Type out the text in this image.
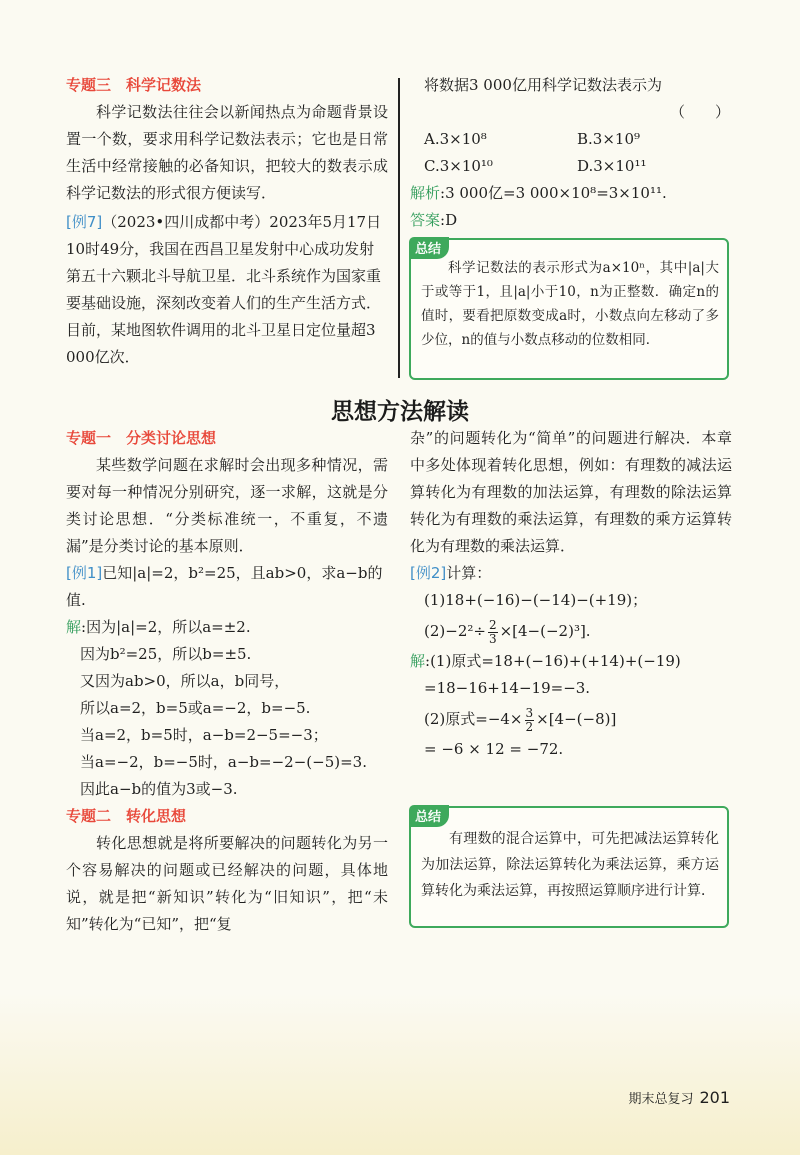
专题三　科学记数法

科学记数法往往会以新闻热点为命题背景设置一个数，要求用科学记数法表示；它也是日常生活中经常接触的必备知识，把较大的数表示成科学记数法的形式很方便读写．

[例7]（2023•四川成都中考）2023年5月17日10时49分，我国在西昌卫星发射中心成功发射第五十六颗北斗导航卫星．北斗系统作为国家重要基础设施，深刻改变着人们的生产生活方式．目前，某地图软件调用的北斗卫星日定位量超3 000亿次．
将数据3 000亿用科学记数法表示为
（　　）
A.3×10⁸	B.3×10⁹
C.3×10¹⁰	D.3×10¹¹
解析:3 000亿=3 000×10⁸=3×10¹¹.
答案:D
总结
科学记数法的表示形式为a×10ⁿ，其中|a|大于或等于1，且|a|小于10，n为正整数．确定n的值时，要看把原数变成a时，小数点向左移动了多少位，n的值与小数点移动的位数相同．
思想方法解读
专题一　分类讨论思想

某些数学问题在求解时会出现多种情况，需要对每一种情况分别研究，逐一求解，这就是分类讨论思想．“分类标准统一，不重复，不遗漏”是分类讨论的基本原则．

[例1]已知|a|=2，b²=25，且ab>0，求a−b的值.
解:因为|a|=2，所以a=±2.
因为b²=25，所以b=±5.
又因为ab>0，所以a，b同号，
所以a=2，b=5或a=−2，b=−5.
当a=2，b=5时，a−b=2−5=−3；
当a=−2，b=−5时，a−b=−2−(−5)=3.
因此a−b的值为3或−3.
专题二　转化思想

转化思想就是将所要解决的问题转化为另一个容易解决的问题或已经解决的问题，具体地说，就是把“新知识”转化为“旧知识”，把“未知”转化为“已知”，把“复

杂”的问题转化为“简单”的问题进行解决．本章中多处体现着转化思想，例如：有理数的减法运算转化为有理数的加法运算，有理数的除法运算转化为有理数的乘法运算，有理数的乘方运算转化为有理数的乘法运算．

[例2]计算：
(1)18+(−16)−(−14)−(+19)；
$(2)-2^2\div \frac{2}{3} \times[4-(-2)^3]$.
解:(1)原式=18+(−16)+(+14)+(−19)
=18−16+14−19=−3.
(2)原式$=-4\times \frac{3}{2} \times[4-(-8)]$
= −6 × 12 = −72.
总结
有理数的混合运算中，可先把减法运算转化为加法运算，除法运算转化为乘法运算，乘方运算转化为乘法运算，再按照运算顺序进行计算．
期末总复习 201
